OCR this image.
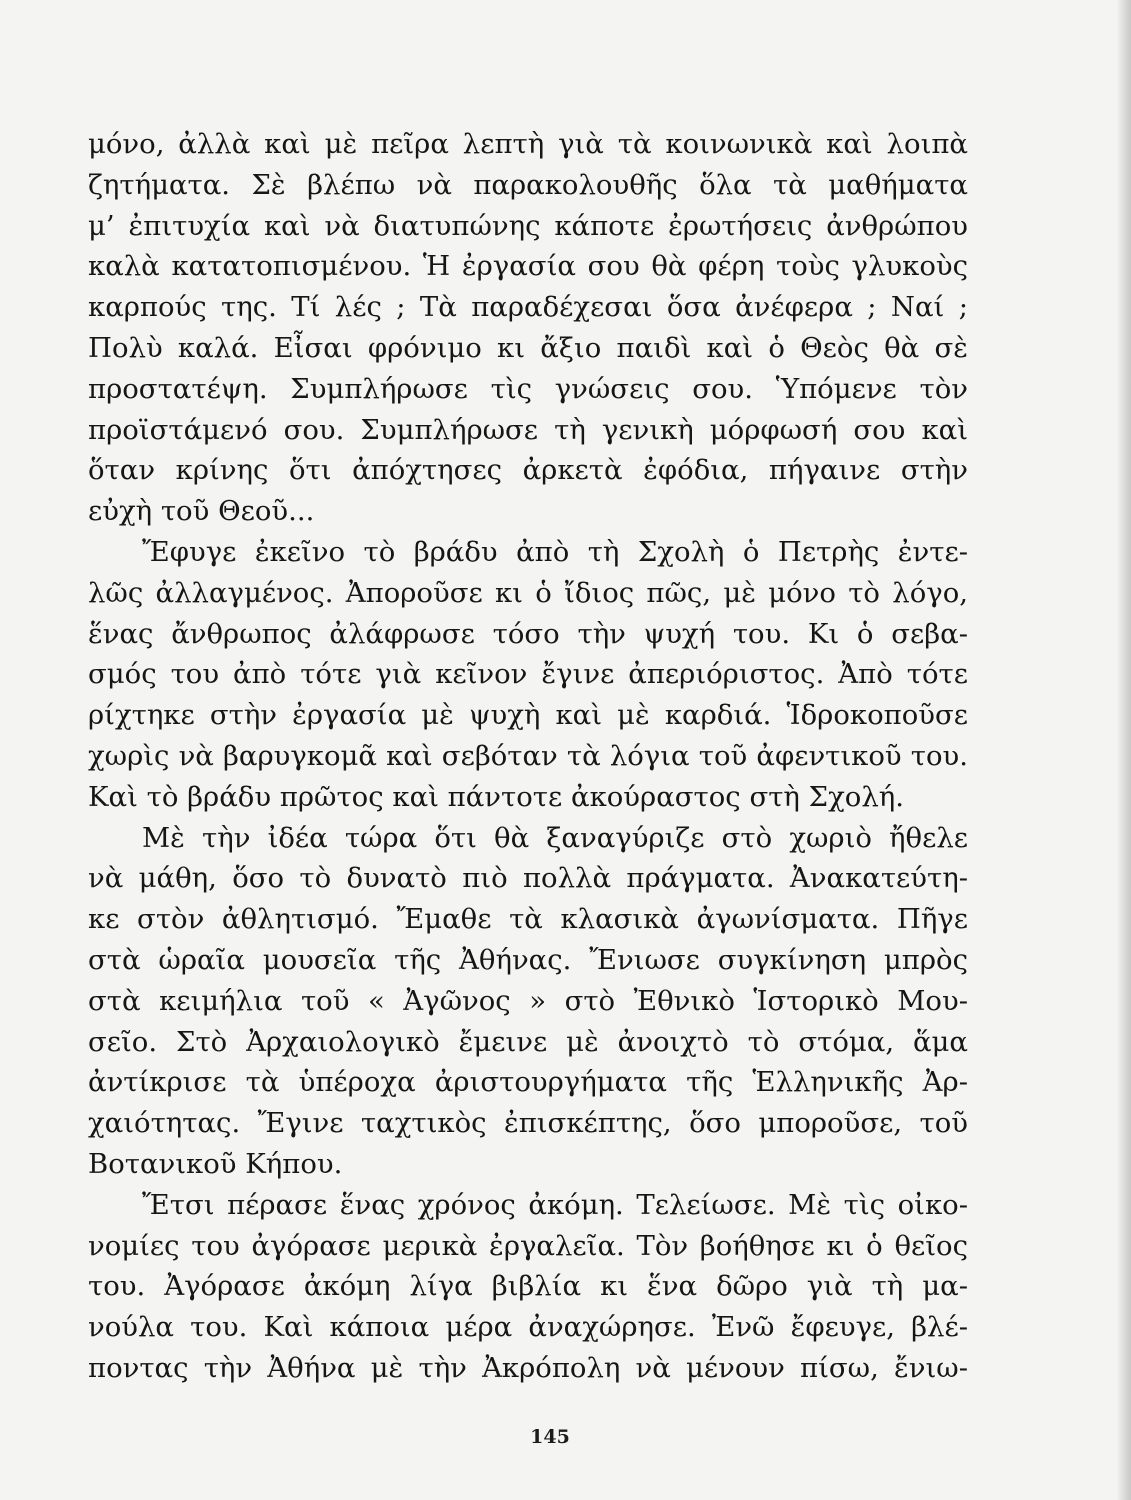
μόνο, ἀλλὰ καὶ μὲ πεῖρα λεπτὴ γιὰ τὰ κοινωνικὰ καὶ λοιπὰ
ζητήματα. Σὲ βλέπω νὰ παρακολουθῆς ὅλα τὰ μαθήματα
μ’ ἐπιτυχία καὶ νὰ διατυπώνης κάποτε ἐρωτήσεις ἀνθρώπου
καλὰ κατατοπισμένου. Ἡ ἐργασία σου θὰ φέρη τοὺς γλυκοὺς
καρπούς της. Τί λές ; Τὰ παραδέχεσαι ὅσα ἀνέφερα ; Ναί ;
Πολὺ καλά. Εἶσαι φρόνιμο κι ἄξιο παιδὶ καὶ ὁ Θεὸς θὰ σὲ
προστατέψη. Συμπλήρωσε τὶς γνώσεις σου. Ὑπόμενε τὸν
προϊστάμενό σου. Συμπλήρωσε τὴ γενικὴ μόρφωσή σου καὶ
ὅταν κρίνης ὅτι ἀπόχτησες ἀρκετὰ ἐφόδια, πήγαινε στὴν
εὐχὴ τοῦ Θεοῦ...
Ἔφυγε ἐκεῖνο τὸ βράδυ ἀπὸ τὴ Σχολὴ ὁ Πετρὴς ἐντε-
λῶς ἀλλαγμένος. Ἀποροῦσε κι ὁ ἴδιος πῶς, μὲ μόνο τὸ λόγο,
ἕνας ἄνθρωπος ἀλάφρωσε τόσο τὴν ψυχή του. Κι ὁ σεβα-
σμός του ἀπὸ τότε γιὰ κεῖνον ἔγινε ἀπεριόριστος. Ἀπὸ τότε
ρίχτηκε στὴν ἐργασία μὲ ψυχὴ καὶ μὲ καρδιά. Ἱδροκοποῦσε
χωρὶς νὰ βαρυγκομᾶ καὶ σεβόταν τὰ λόγια τοῦ ἀφεντικοῦ του.
Καὶ τὸ βράδυ πρῶτος καὶ πάντοτε ἀκούραστος στὴ Σχολή.
Μὲ τὴν ἰδέα τώρα ὅτι θὰ ξαναγύριζε στὸ χωριὸ ἤθελε
νὰ μάθη, ὅσο τὸ δυνατὸ πιὸ πολλὰ πράγματα. Ἀνακατεύτη-
κε στὸν ἀθλητισμό. Ἔμαθε τὰ κλασικὰ ἀγωνίσματα. Πῆγε
στὰ ὡραῖα μουσεῖα τῆς Ἀθήνας. Ἔνιωσε συγκίνηση μπρὸς
στὰ κειμήλια τοῦ « Ἀγῶνος » στὸ Ἐθνικὸ Ἱστορικὸ Μου-
σεῖο. Στὸ Ἀρχαιολογικὸ ἔμεινε μὲ ἀνοιχτὸ τὸ στόμα, ἅμα
ἀντίκρισε τὰ ὑπέροχα ἀριστουργήματα τῆς Ἑλληνικῆς Ἀρ-
χαιότητας. Ἔγινε ταχτικὸς ἐπισκέπτης, ὅσο μποροῦσε, τοῦ
Βοτανικοῦ Κήπου.
Ἔτσι πέρασε ἕνας χρόνος ἀκόμη. Τελείωσε. Μὲ τὶς οἰκο-
νομίες του ἀγόρασε μερικὰ ἐργαλεῖα. Τὸν βοήθησε κι ὁ θεῖος
του. Ἀγόρασε ἀκόμη λίγα βιβλία κι ἕνα δῶρο γιὰ τὴ μα-
νούλα του. Καὶ κάποια μέρα ἀναχώρησε. Ἐνῶ ἔφευγε, βλέ-
ποντας τὴν Ἀθήνα μὲ τὴν Ἀκρόπολη νὰ μένουν πίσω, ἔνιω-
145
